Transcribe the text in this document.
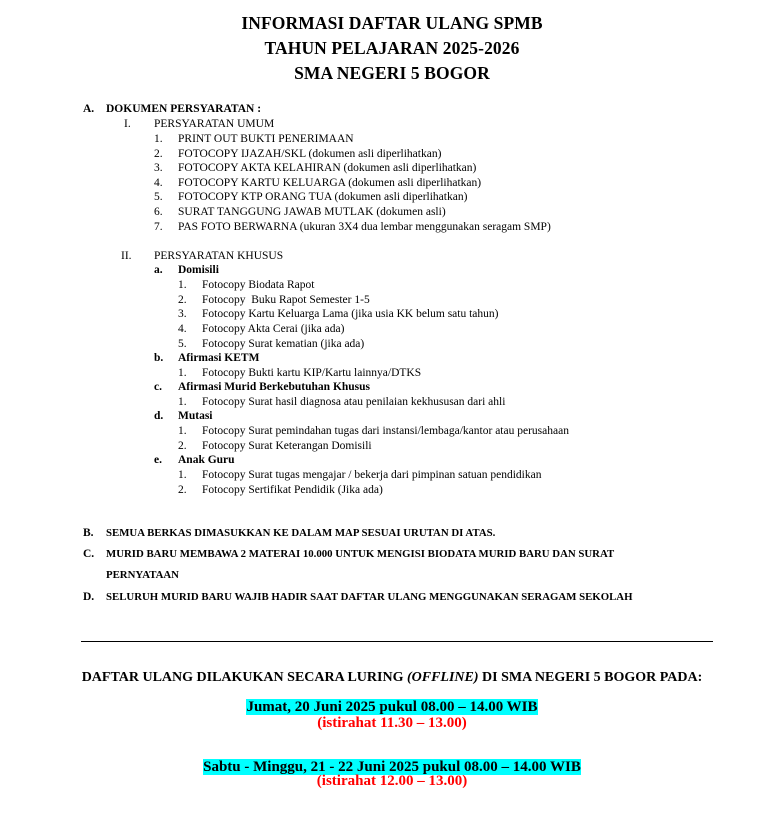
INFORMASI DAFTAR ULANG SPMB
TAHUN PELAJARAN 2025-2026
SMA NEGERI 5 BOGOR
A. DOKUMEN PERSYARATAN :
I. PERSYARATAN UMUM
1. PRINT OUT BUKTI PENERIMAAN
2. FOTOCOPY IJAZAH/SKL (dokumen asli diperlihatkan)
3. FOTOCOPY AKTA KELAHIRAN (dokumen asli diperlihatkan)
4. FOTOCOPY KARTU KELUARGA (dokumen asli diperlihatkan)
5. FOTOCOPY KTP ORANG TUA (dokumen asli diperlihatkan)
6. SURAT TANGGUNG JAWAB MUTLAK (dokumen asli)
7. PAS FOTO BERWARNA (ukuran 3X4 dua lembar menggunakan seragam SMP)
II. PERSYARATAN KHUSUS
a. Domisili
1. Fotocopy Biodata Rapot
2. Fotocopy  Buku Rapot Semester 1-5
3. Fotocopy Kartu Keluarga Lama (jika usia KK belum satu tahun)
4. Fotocopy Akta Cerai (jika ada)
5. Fotocopy Surat kematian (jika ada)
b. Afirmasi KETM
1. Fotocopy Bukti kartu KIP/Kartu lainnya/DTKS
c. Afirmasi Murid Berkebutuhan Khusus
1. Fotocopy Surat hasil diagnosa atau penilaian kekhususan dari ahli
d. Mutasi
1. Fotocopy Surat pemindahan tugas dari instansi/lembaga/kantor atau perusahaan
2. Fotocopy Surat Keterangan Domisili
e. Anak Guru
1. Fotocopy Surat tugas mengajar / bekerja dari pimpinan satuan pendidikan
2. Fotocopy Sertifikat Pendidik (Jika ada)
B. SEMUA BERKAS DIMASUKKAN KE DALAM MAP SESUAI URUTAN DI ATAS.
C. MURID BARU MEMBAWA 2 MATERAI 10.000 UNTUK MENGISI BIODATA MURID BARU DAN SURAT
PERNYATAAN
D. SELURUH MURID BARU WAJIB HADIR SAAT DAFTAR ULANG MENGGUNAKAN SERAGAM SEKOLAH
DAFTAR ULANG DILAKUKAN SECARA LURING (OFFLINE) DI SMA NEGERI 5 BOGOR PADA:
Jumat, 20 Juni 2025 pukul 08.00 – 14.00 WIB
(istirahat 11.30 – 13.00)
Sabtu - Minggu, 21 - 22 Juni 2025 pukul 08.00 – 14.00 WIB
(istirahat 12.00 – 13.00)
